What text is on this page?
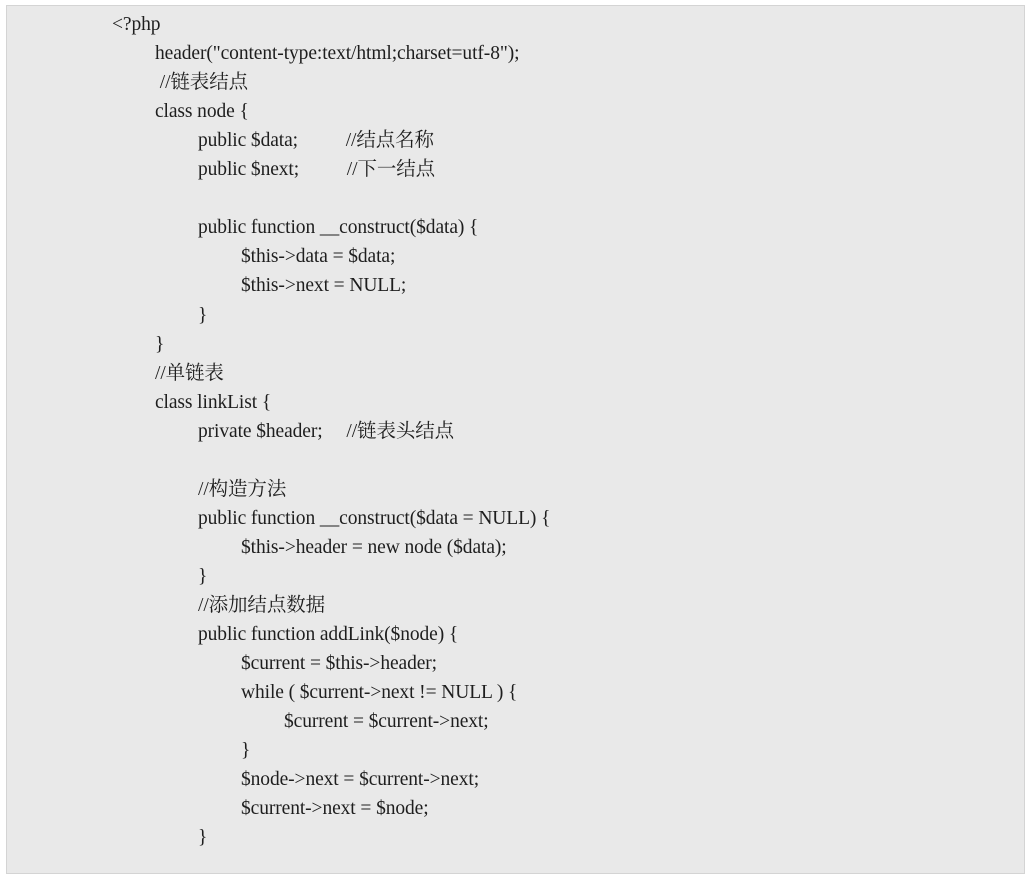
<?php
header("content-type:text/html;charset=utf-8");
//链表结点
class node {
public $data;          //结点名称
public $next;          //下一结点
public function __construct($data) {
$this->data = $data;
$this->next = NULL;
}
}
//单链表
class linkList {
private $header;     //链表头结点
//构造方法
public function __construct($data = NULL) {
$this->header = new node ($data);
}
//添加结点数据
public function addLink($node) {
$current = $this->header;
while ( $current->next != NULL ) {
$current = $current->next;
}
$node->next = $current->next;
$current->next = $node;
}
